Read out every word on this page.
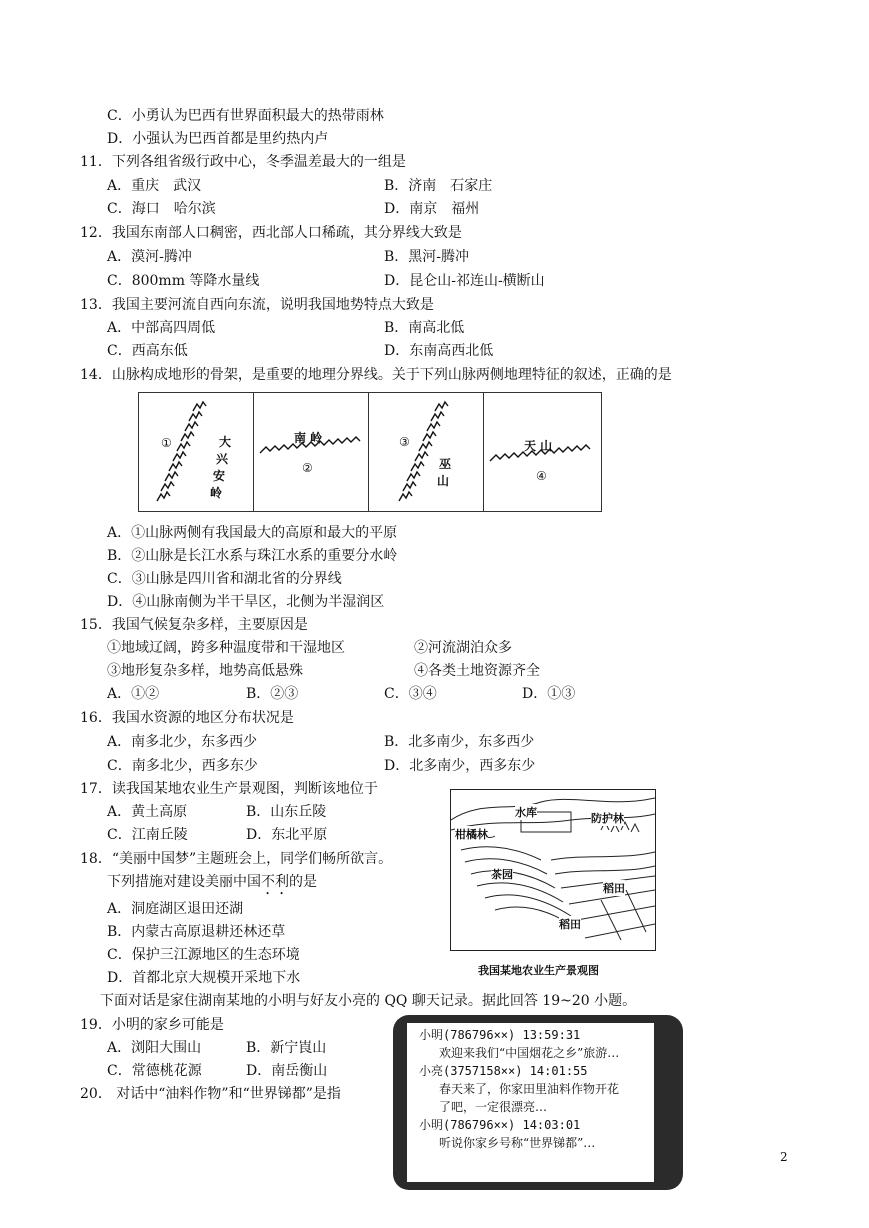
C．小勇认为巴西有世界面积最大的热带雨林
D．小强认为巴西首都是里约热内卢
11．下列各组省级行政中心，冬季温差最大的一组是
A．重庆　武汉	B．济南　石家庄
C．海口　哈尔滨	D．南京　福州
12．我国东南部人口稠密，西北部人口稀疏，其分界线大致是
A．漠河-腾冲	B．黑河-腾冲
C．800mm 等降水量线	D．昆仑山-祁连山-横断山
13．我国主要河流自西向东流，说明我国地势特点大致是
A．中部高四周低	B．南高北低
C．西高东低	D．东南高西北低
14．山脉构成地形的骨架，是重要的地理分界线。关于下列山脉两侧地理特征的叙述，正确的是
①	大
兴
安
岭
南 岭
②
③
巫
山
天 山
④
A．①山脉两侧有我国最大的高原和最大的平原
B．②山脉是长江水系与珠江水系的重要分水岭
C．③山脉是四川省和湖北省的分界线
D．④山脉南侧为半干旱区，北侧为半湿润区
15．我国气候复杂多样，主要原因是
①地域辽阔，跨多种温度带和干湿地区	②河流湖泊众多
③地形复杂多样，地势高低悬殊	④各类土地资源齐全
A．①②	B．②③	C．③④	D．①③
16．我国水资源的地区分布状况是
A．南多北少，东多西少	B．北多南少，东多西少
C．南多北少，西多东少	D．北多南少，西多东少
17．读我国某地农业生产景观图，判断该地位于
A．黄土高原	B．山东丘陵
C．江南丘陵	D．东北平原
水库	防护林
柑橘林
茶园
稻田
稻田
我国某地农业生产景观图
18．“美丽中国梦”主题班会上，同学们畅所欲言。
下列措施对建设美丽中国不利的是
A．洞庭湖区退田还湖
B．内蒙古高原退耕还林还草
C．保护三江源地区的生态环境
D．首都北京大规模开采地下水
下面对话是家住湖南某地的小明与好友小亮的 QQ 聊天记录。据此回答 19~20 小题。
19．小明的家乡可能是
A．浏阳大围山	B．新宁崀山
C．常德桃花源	D．南岳衡山
20． 对话中“油料作物”和“世界锑都”是指
小明(786796××) 13:59:31
欢迎来我们“中国烟花之乡”旅游…
小亮(3757158××) 14:01:55
春天来了，你家田里油料作物开花
了吧，一定很漂亮…
小明(786796××) 14:03:01
听说你家乡号称“世界锑都”…
2
